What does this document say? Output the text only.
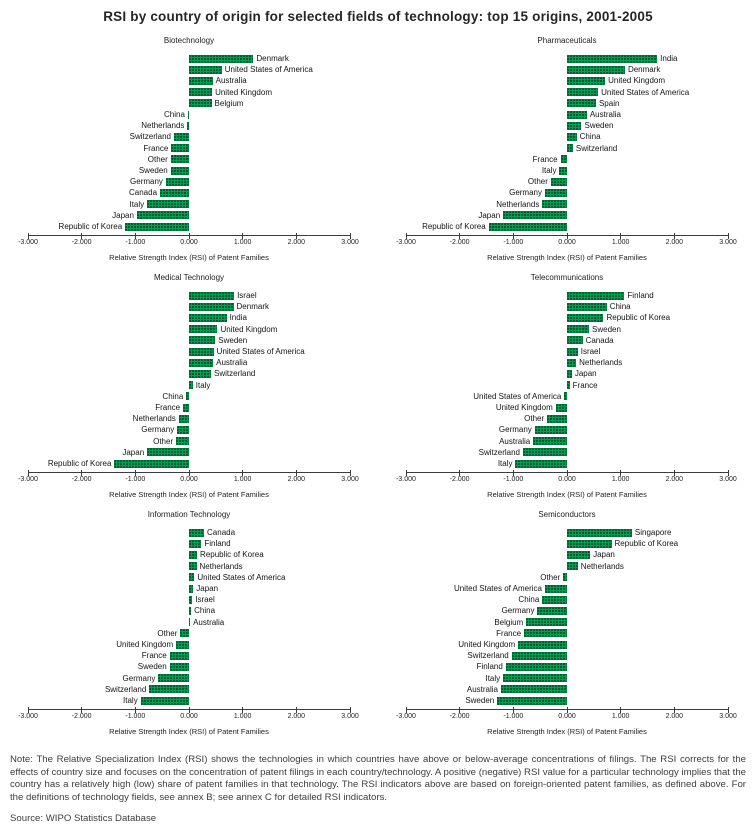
RSI by country of origin for selected fields of technology: top 15 origins, 2001-2005
Biotechnology
Denmark
United States of America
Australia
United Kingdom
Belgium
China
Netherlands
Switzerland
France
Other
Sweden
Germany
Canada
Italy
Japan
Republic of Korea
-3.000	-2.000	-1.000	0.000	1.000	2.000	3.000
Relative Strength Index (RSI) of Patent Families
Pharmaceuticals
India
Denmark
United Kingdom
United States of America
Spain
Australia
Sweden
China
Switzerland
France
Italy
Other
Germany
Netherlands
Japan
Republic of Korea
-3.000	-2.000	-1.000	0.000	1.000	2.000	3.000
Relative Strength Index (RSI) of Patent Families
Medical Technology
Israel
Denmark
India
United Kingdom
Sweden
United States of America
Australia
Switzerland
Italy
China
France
Netherlands
Germany
Other
Japan
Republic of Korea
-3.000	-2.000	-1.000	0.000	1.000	2.000	3.000
Relative Strength Index (RSI) of Patent Families
Telecommunications
Finland
China
Republic of Korea
Sweden
Canada
Israel
Netherlands
Japan
France
United States of America
United Kingdom
Other
Germany
Australia
Switzerland
Italy
-3.000	-2.000	-1.000	0.000	1.000	2.000	3.000
Relative Strength Index (RSI) of Patent Families
Information Technology
Canada
Finland
Republic of Korea
Netherlands
United States of America
Japan
Israel
China
Australia
Other
United Kingdom
France
Sweden
Germany
Switzerland
Italy
-3.000	-2.000	-1.000	0.000	1.000	2.000	3.000
Relative Strength Index (RSI) of Patent Families
Semiconductors
Singapore
Republic of Korea
Japan
Netherlands
Other
United States of America
China
Germany
Belgium
France
United Kingdom
Switzerland
Finland
Italy
Australia
Sweden
-3.000	-2.000	-1.000	0.000	1.000	2.000	3.000
Relative Strength Index (RSI) of Patent Families
Note: The Relative Specialization Index (RSI) shows the technologies in which countries have above or below-average concentrations of filings. The RSI corrects for the effects of country size and focuses on the concentration of patent filings in each country/technology. A positive (negative) RSI value for a particular technology implies that the country has a relatively high (low) share of patent families in that technology. The RSI indicators above are based on foreign-oriented patent families, as defined above. For the definitions of technology fields, see annex B; see annex C for detailed RSI indicators.
Source: WIPO Statistics Database
